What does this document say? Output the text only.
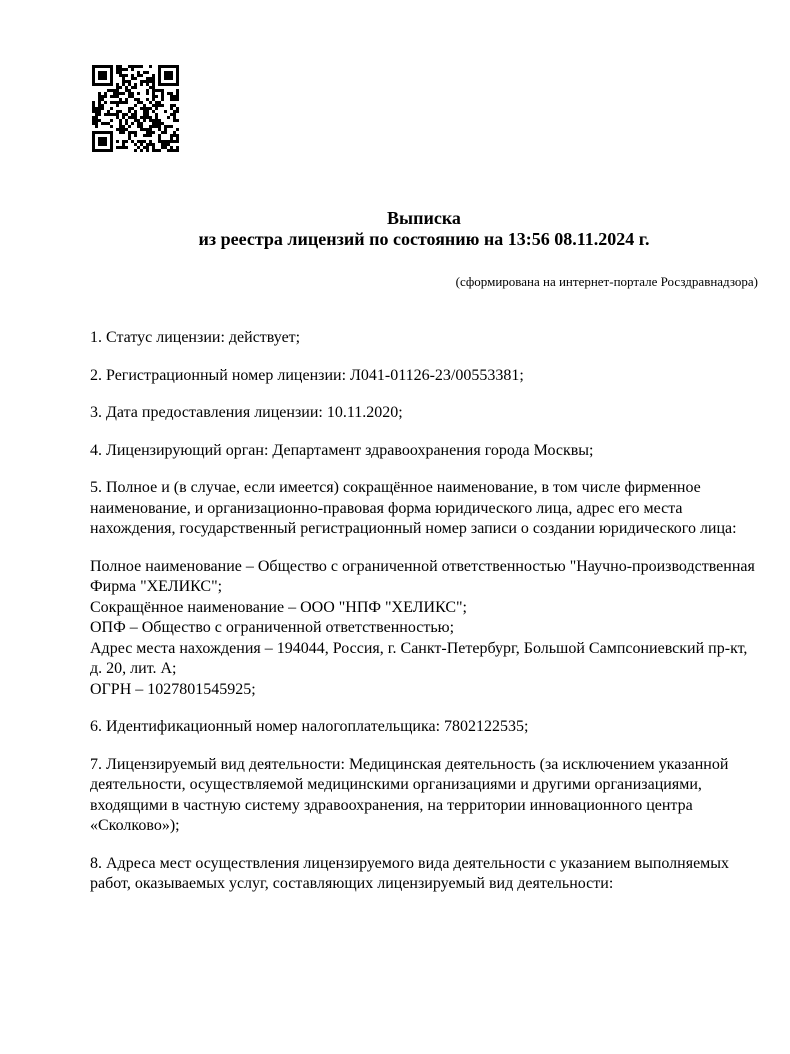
Выписка
из реестра лицензий по состоянию на 13:56 08.11.2024 г.
(сформирована на интернет-портале Росздравнадзора)
1. Статус лицензии: действует;
2. Регистрационный номер лицензии: Л041-01126-23/00553381;
3. Дата предоставления лицензии: 10.11.2020;
4. Лицензирующий орган: Департамент здравоохранения города Москвы;
5. Полное и (в случае, если имеется) сокращённое наименование, в том числе фирменное наименование, и организационно-правовая форма юридического лица, адрес его места нахождения, государственный регистрационный номер записи о создании юридического лица:
Полное наименование – Общество с ограниченной ответственностью "Научно-производственная Фирма "ХЕЛИКС";
Сокращённое наименование – ООО "НПФ "ХЕЛИКС";
ОПФ – Общество с ограниченной ответственностью;
Адрес места нахождения – 194044, Россия, г. Санкт-Петербург, Большой Сампсониевский пр-кт, д. 20, лит. А;
ОГРН – 1027801545925;
6. Идентификационный номер налогоплательщика: 7802122535;
7. Лицензируемый вид деятельности: Медицинская деятельность (за исключением указанной деятельности, осуществляемой медицинскими организациями и другими организациями, входящими в частную систему здравоохранения, на территории инновационного центра «Сколково»);
8. Адреса мест осуществления лицензируемого вида деятельности с указанием выполняемых работ, оказываемых услуг, составляющих лицензируемый вид деятельности:
